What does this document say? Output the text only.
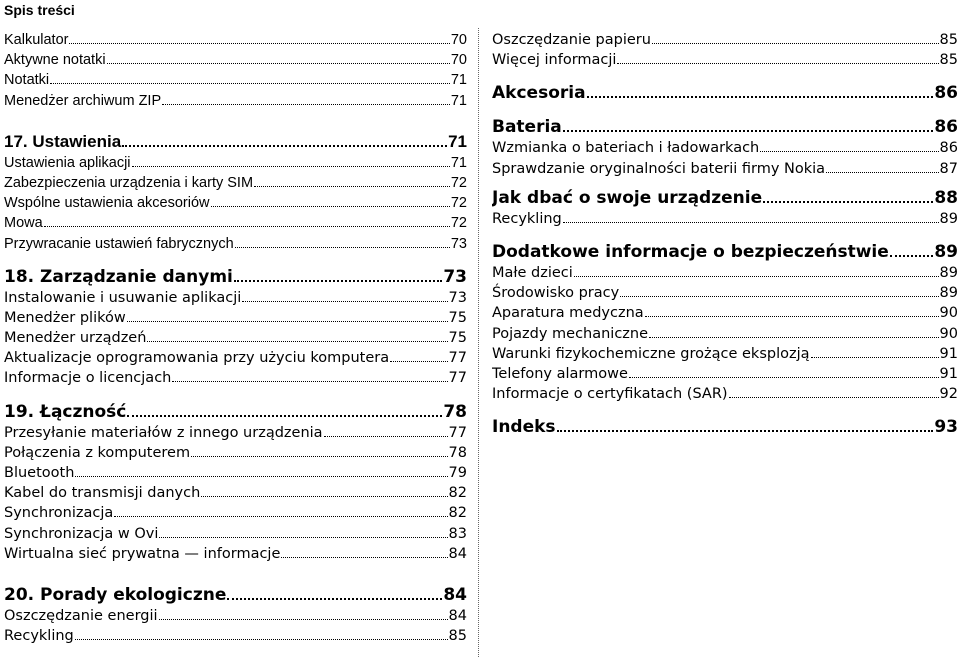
Spis treści
Kalkulator	70
Aktywne notatki	70
Notatki	71
Menedżer archiwum ZIP	71
17. Ustawienia	71
Ustawienia aplikacji	71
Zabezpieczenia urządzenia i karty SIM	72
Wspólne ustawienia akcesoriów	72
Mowa	72
Przywracanie ustawień fabrycznych	73
18. Zarządzanie danymi	73
Instalowanie i usuwanie aplikacji	73
Menedżer plików	75
Menedżer urządzeń	75
Aktualizacje oprogramowania przy użyciu komputera	77
Informacje o licencjach	77
19. Łączność	78
Przesyłanie materiałów z innego urządzenia	77
Połączenia z komputerem	78
Bluetooth	79
Kabel do transmisji danych	82
Synchronizacja	82
Synchronizacja w Ovi	83
Wirtualna sieć prywatna — informacje	84
20. Porady ekologiczne	84
Oszczędzanie energii	84
Recykling	85
Oszczędzanie papieru	85
Więcej informacji	85
Akcesoria	86
Bateria	86
Wzmianka o bateriach i ładowarkach	86
Sprawdzanie oryginalności baterii firmy Nokia	87
Jak dbać o swoje urządzenie	88
Recykling	89
Dodatkowe informacje o bezpieczeństwie	89
Małe dzieci	89
Środowisko pracy	89
Aparatura medyczna	90
Pojazdy mechaniczne	90
Warunki fizykochemiczne grożące eksplozją	91
Telefony alarmowe	91
Informacje o certyfikatach (SAR)	92
Indeks	93
